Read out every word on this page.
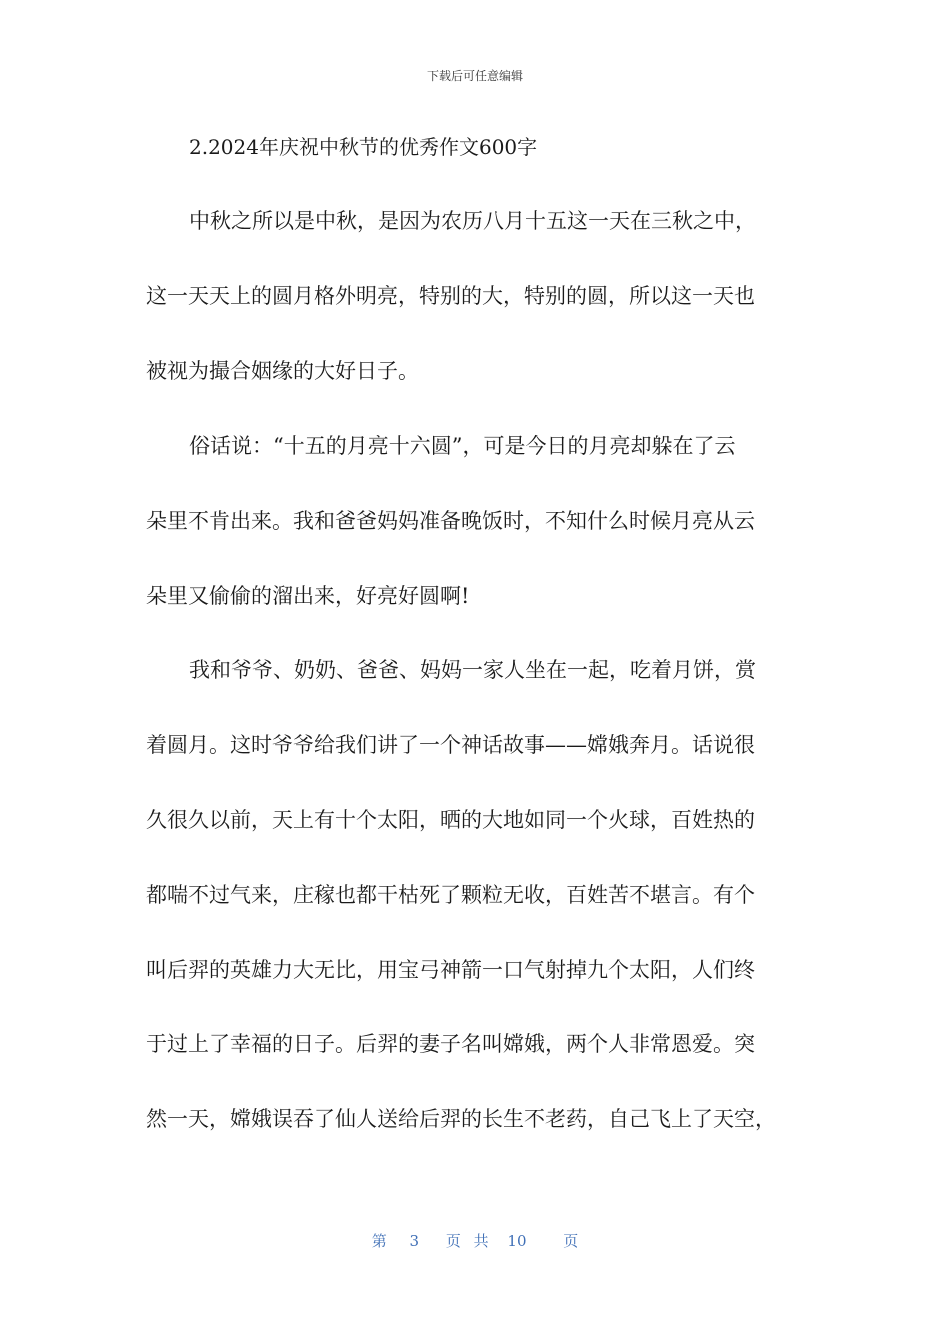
下载后可任意编辑
2.2024年庆祝中秋节的优秀作文600字
中秋之所以是中秋，是因为农历八月十五这一天在三秋之中，
这一天天上的圆月格外明亮，特别的大，特别的圆，所以这一天也
被视为撮合姻缘的大好日子。
俗话说：“十五的月亮十六圆”，可是今日的月亮却躲在了云
朵里不肯出来。我和爸爸妈妈准备晚饭时，不知什么时候月亮从云
朵里又偷偷的溜出来，好亮好圆啊!
我和爷爷、奶奶、爸爸、妈妈一家人坐在一起，吃着月饼，赏
着圆月。这时爷爷给我们讲了一个神话故事——嫦娥奔月。话说很
久很久以前，天上有十个太阳，晒的大地如同一个火球，百姓热的
都喘不过气来，庄稼也都干枯死了颗粒无收，百姓苦不堪言。有个
叫后羿的英雄力大无比，用宝弓神箭一口气射掉九个太阳，人们终
于过上了幸福的日子。后羿的妻子名叫嫦娥，两个人非常恩爱。突
然一天，嫦娥误吞了仙人送给后羿的长生不老药，自己飞上了天空，
第 3 页 共 10 页
